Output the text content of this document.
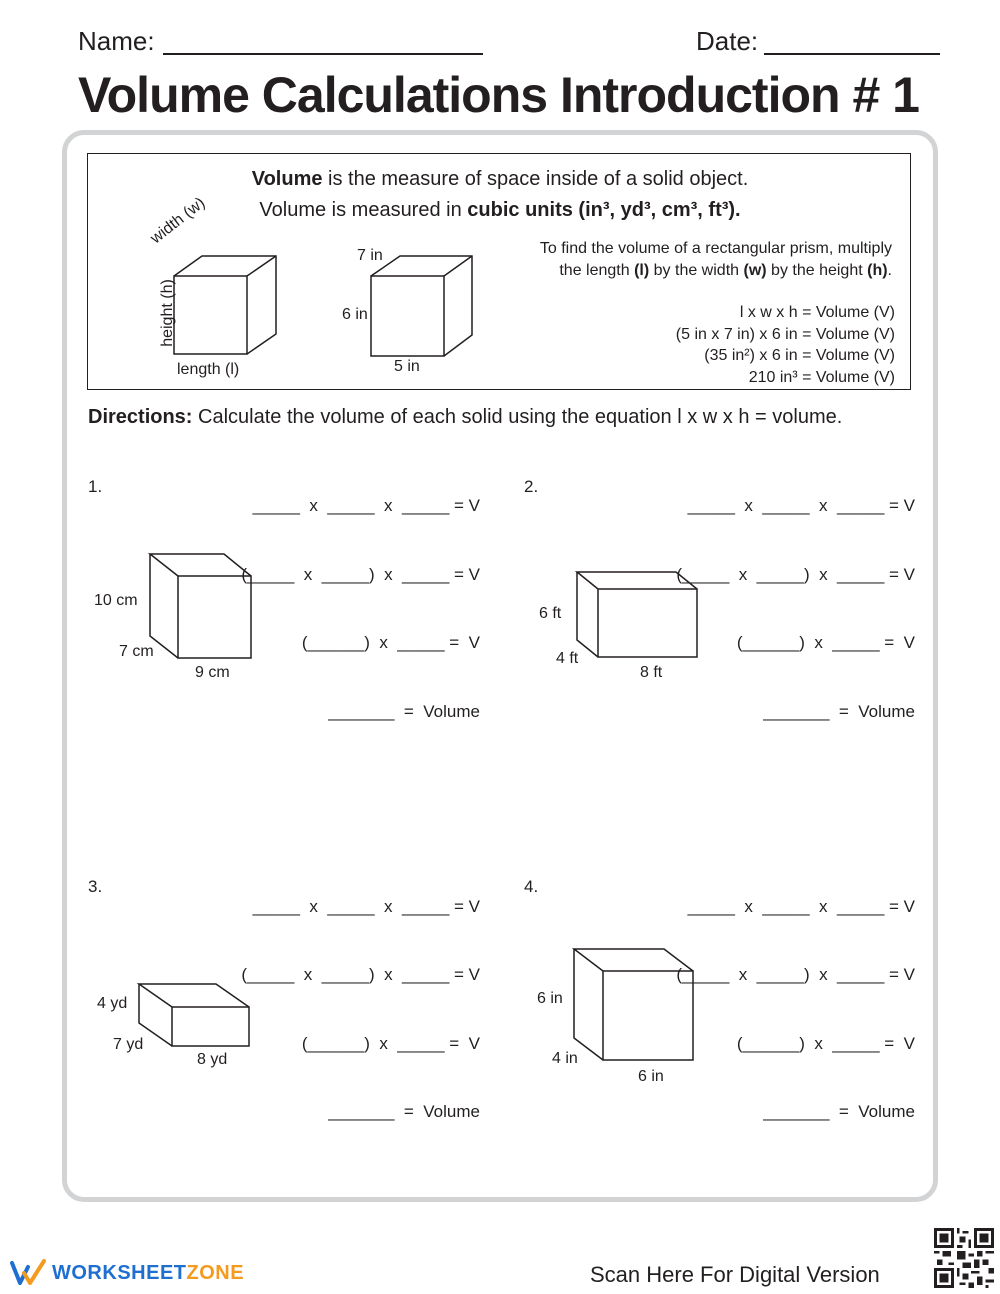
Name:	Date:
Volume Calculations Introduction # 1
Volume is the measure of space inside of a solid object.
Volume is measured in cubic units (in³, yd³, cm³, ft³).
height (h)
width (w)
length (l)
7 in
6 in
5 in
To find the volume of a rectangular prism, multiply
the length (l) by the width (w) by the height (h).
l x w x h = Volume (V)
(5 in x 7 in) x 6 in = Volume (V)
(35 in²) x 6 in = Volume (V)
210 in³ = Volume (V)
Directions: Calculate the volume of each solid using the equation l x w x h = volume.
1.
10 cm
7 cm
9 cm
_____  x  _____  x  _____ = V
(_____  x  _____)  x  _____ = V
(______)  x  _____ =  V
_______  =  Volume
2.
6 ft
4 ft
8 ft
_____  x  _____  x  _____ = V
(_____  x  _____)  x  _____ = V
(______)  x  _____ =  V
_______  =  Volume
3.
4 yd
7 yd
8 yd
_____  x  _____  x  _____ = V
(_____  x  _____)  x  _____ = V
(______)  x  _____ =  V
_______  =  Volume
4.
6 in
4 in
6 in
_____  x  _____  x  _____ = V
(_____  x  _____)  x  _____ = V
(______)  x  _____ =  V
_______  =  Volume
WORKSHEETZONE	Scan Here For Digital Version
